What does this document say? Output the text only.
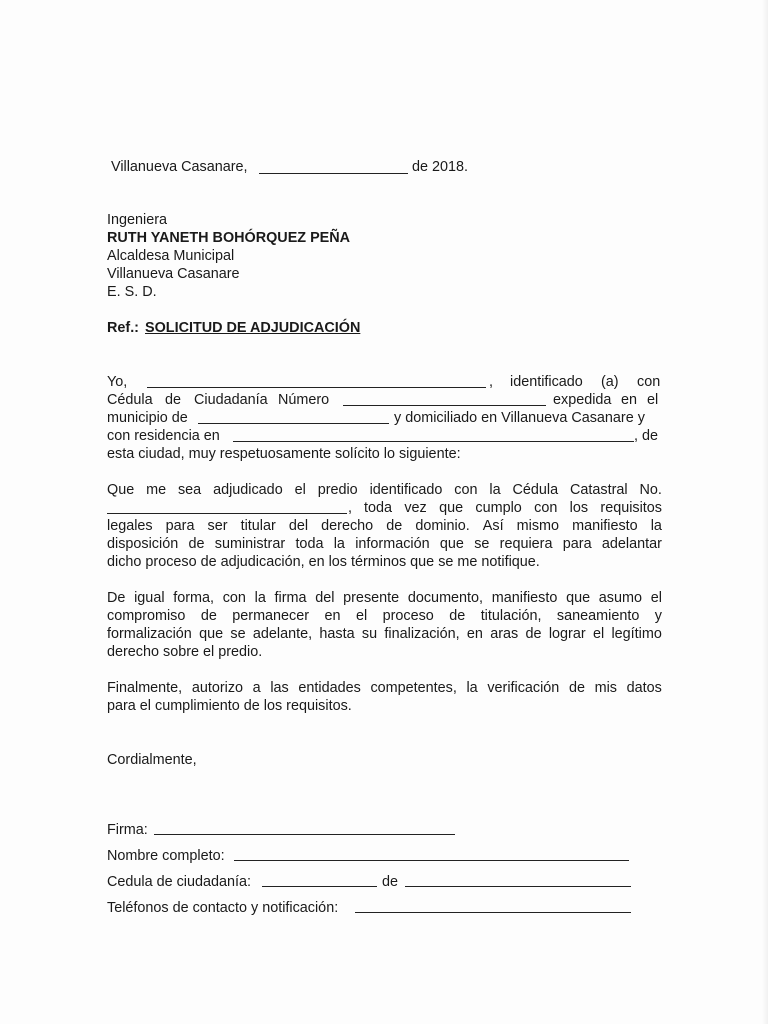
Villanueva Casanare,	de 2018.
Ingeniera
RUTH YANETH BOHÓRQUEZ PEÑA
Alcaldesa Municipal
Villanueva Casanare
E. S. D.
Ref.: SOLICITUD DE ADJUDICACIÓN
Yo,	, identificado (a) con
Cédula de Ciudadanía Número	expedida en el
municipio de	y domiciliado en Villanueva Casanare y
con residencia en	, de
esta ciudad, muy respetuosamente solícito lo siguiente:
Que me sea adjudicado el predio identificado con la Cédula Catastral No.
, toda vez que cumplo con los requisitos
legales para ser titular del derecho de dominio. Así mismo manifiesto la
disposición de suministrar toda la información que se requiera para adelantar
dicho proceso de adjudicación, en los términos que se me notifique.
De igual forma, con la firma del presente documento, manifiesto que asumo el
compromiso de permanecer en el proceso de titulación, saneamiento y
formalización que se adelante, hasta su finalización, en aras de lograr el legítimo
derecho sobre el predio.
Finalmente, autorizo a las entidades competentes, la verificación de mis datos
para el cumplimiento de los requisitos.
Cordialmente,
Firma:
Nombre completo:
Cedula de ciudadanía:	de
Teléfonos de contacto y notificación:
